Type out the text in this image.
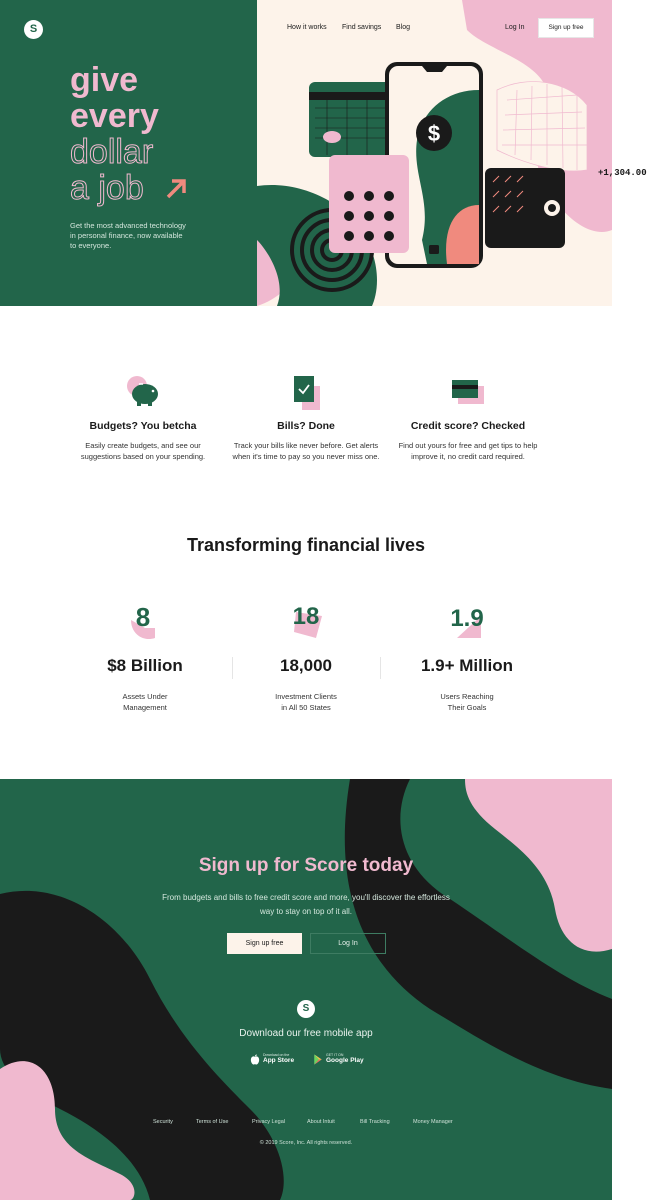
$
+1,304.00
S
give
every
dollar
a job

Get the most advanced technology in personal finance, now available to everyone.

How it works Find savings Blog	Log In	Sign up free
Budgets? You betcha

Easily create budgets, and see our suggestions based on your spending.

Bills? Done

Track your bills like never before. Get alerts when it's time to pay so you never miss one.

Credit score? Checked

Find out yours for free and get tips to help improve it, no credit card required.

Transforming financial lives
8
$8 Billion
Assets Under
Management
18
18,000
Investment Clients
in All 50 States
1.9
1.9+ Million
Users Reaching
Their Goals
Sign up for Score today

From budgets and bills to free credit score and more, you'll discover the effortless way to stay on top of it all.

Sign up free	Log In
S
Download our free mobile app
Download on the
App Store
GET IT ON
Google Play
Security	Terms of Use	Privacy Legal	About Intuit	Bill Tracking	Money Manager
© 2019 Score, Inc. All rights reserved.
